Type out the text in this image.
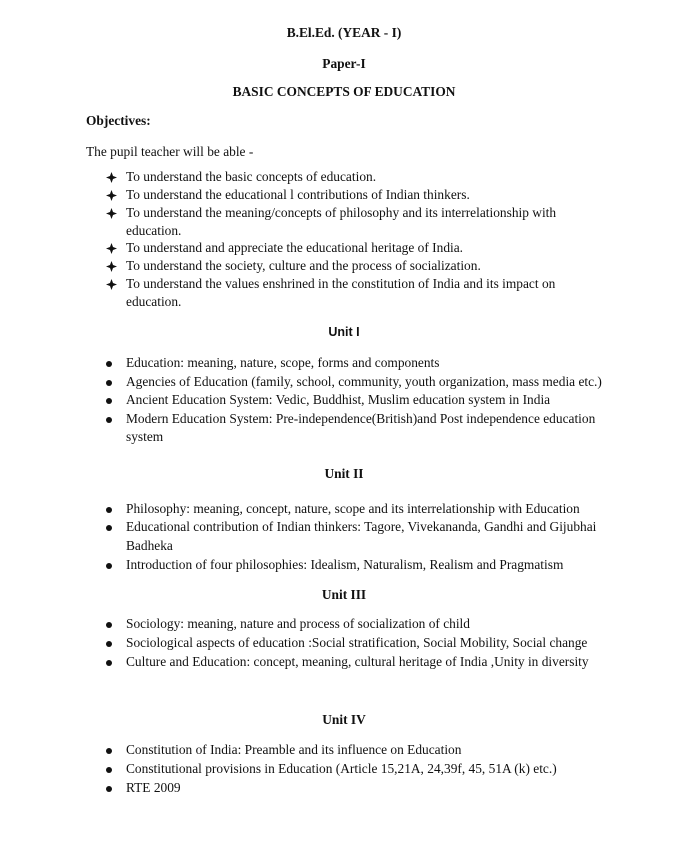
B.El.Ed. (YEAR - I)
Paper-I
BASIC CONCEPTS OF EDUCATION
Objectives:
The pupil teacher will be able -
To understand the basic concepts of education.
To understand the educational l contributions of Indian thinkers.
To understand the meaning/concepts of philosophy and its interrelationship with
education.
To understand and appreciate the educational heritage of India.
To understand the society, culture and the process of socialization.
To understand the values enshrined in the constitution of India and its impact on
education.
Unit I
Education: meaning, nature, scope, forms and components
Agencies of Education (family, school, community, youth organization, mass media etc.)
Ancient Education System: Vedic, Buddhist, Muslim education system in India
Modern Education System: Pre-independence(British)and Post independence education
system
Unit II
Philosophy: meaning, concept, nature, scope and its interrelationship with Education
Educational contribution of Indian thinkers: Tagore, Vivekananda, Gandhi and Gijubhai
Badheka
Introduction of four philosophies: Idealism, Naturalism, Realism and Pragmatism
Unit III
Sociology: meaning, nature and process of socialization of child
Sociological aspects of education :Social stratification, Social Mobility, Social change
Culture and Education: concept, meaning, cultural heritage of India ,Unity in diversity
Unit IV
Constitution of India: Preamble and its influence on Education
Constitutional provisions in Education (Article 15,21A, 24,39f, 45, 51A (k) etc.)
RTE 2009
